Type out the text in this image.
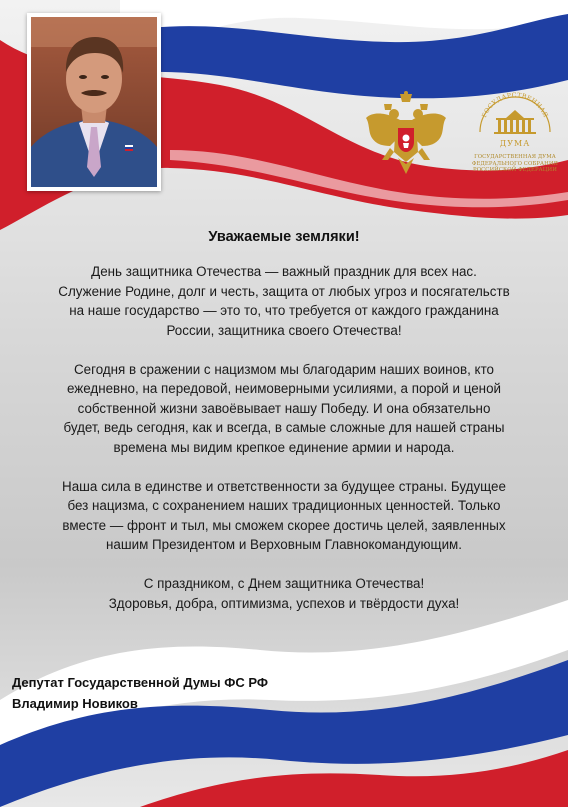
ГОСУДАРСТВЕННАЯ
ДУМА
ГОСУДАРСТВЕННАЯ ДУМА
ФЕДЕРАЛЬНОГО СОБРАНИЯ
РОССИЙСКОЙ ФЕДЕРАЦИИ
Уважаемые земляки!

День защитника Отечества — важный праздник для всех нас.
Служение Родине, долг и честь, защита от любых угроз и посягательств
на наше государство — это то, что требуется от каждого гражданина
России, защитника своего Отечества!

Сегодня в сражении с нацизмом мы благодарим наших воинов, кто
ежедневно, на передовой, неимоверными усилиями, а порой и ценой
собственной жизни завоёвывает нашу Победу. И она обязательно
будет, ведь сегодня, как и всегда, в самые сложные для нашей страны
времена мы видим крепкое единение армии и народа.

Наша сила в единстве и ответственности за будущее страны. Будущее
без нацизма, с сохранением наших традиционных ценностей. Только
вместе — фронт и тыл, мы сможем скорее достичь целей, заявленных
нашим Президентом и Верховным Главнокомандующим.

С праздником, с Днем защитника Отечества!
Здоровья, добра, оптимизма, успехов и твёрдости духа!

Депутат Государственной Думы ФС РФ
Владимир Новиков
